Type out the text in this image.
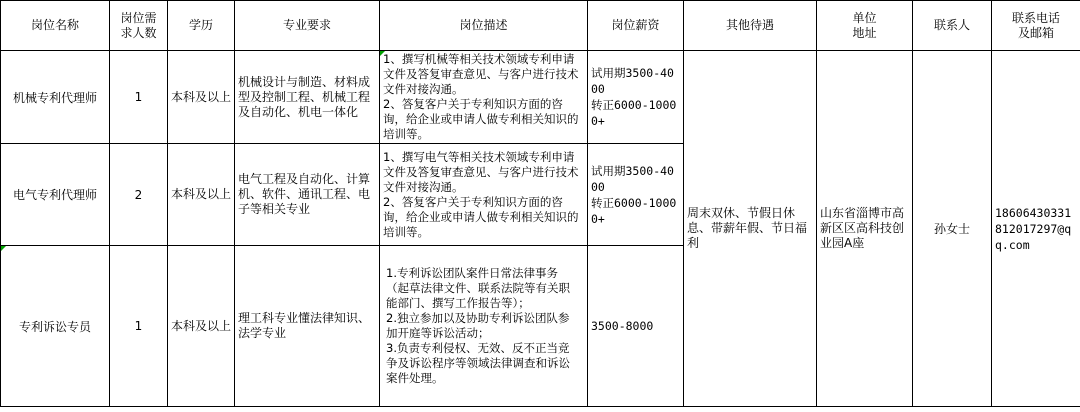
岗位名称	岗位需求人数	学历	专业要求	岗位描述	岗位薪资	其他待遇	单位地址	联系人	联系电话及邮箱

机械专利代理师	1	本科及以上	机械设计与制造、材料成型及控制工程、机械工程及自动化、机电一体化	1、撰写机械等相关技术领域专利申请文件及答复审查意见、与客户进行技术文件对接沟通。
2、答复客户关于专利知识方面的咨询，给企业或申请人做专利相关知识的培训等。	试用期3500-4000
转正6000-10000+	周末双休、节假日休息、带薪年假、节日福利	山东省淄博市高新区区高科技创业园A座	孙女士	18606430331 812017297@qq.com
电气专利代理师	2	本科及以上	电气工程及自动化、计算机、软件、通讯工程、电子等相关专业	1、撰写电气等相关技术领域专利申请文件及答复审查意见、与客户进行技术文件对接沟通。
2、答复客户关于专利知识方面的咨询，给企业或申请人做专利相关知识的培训等。	试用期3500-4000
转正6000-10000+				

专利诉讼专员	1	本科及以上	理工科专业懂法律知识、法学专业	1.专利诉讼团队案件日常法律事务（起草法律文件、联系法院等有关职能部门、撰写工作报告等）；
2.独立参加以及协助专利诉讼团队参加开庭等诉讼活动；
3.负责专利侵权、无效、反不正当竞争及诉讼程序等领域法律调查和诉讼案件处理。	3500-8000				
